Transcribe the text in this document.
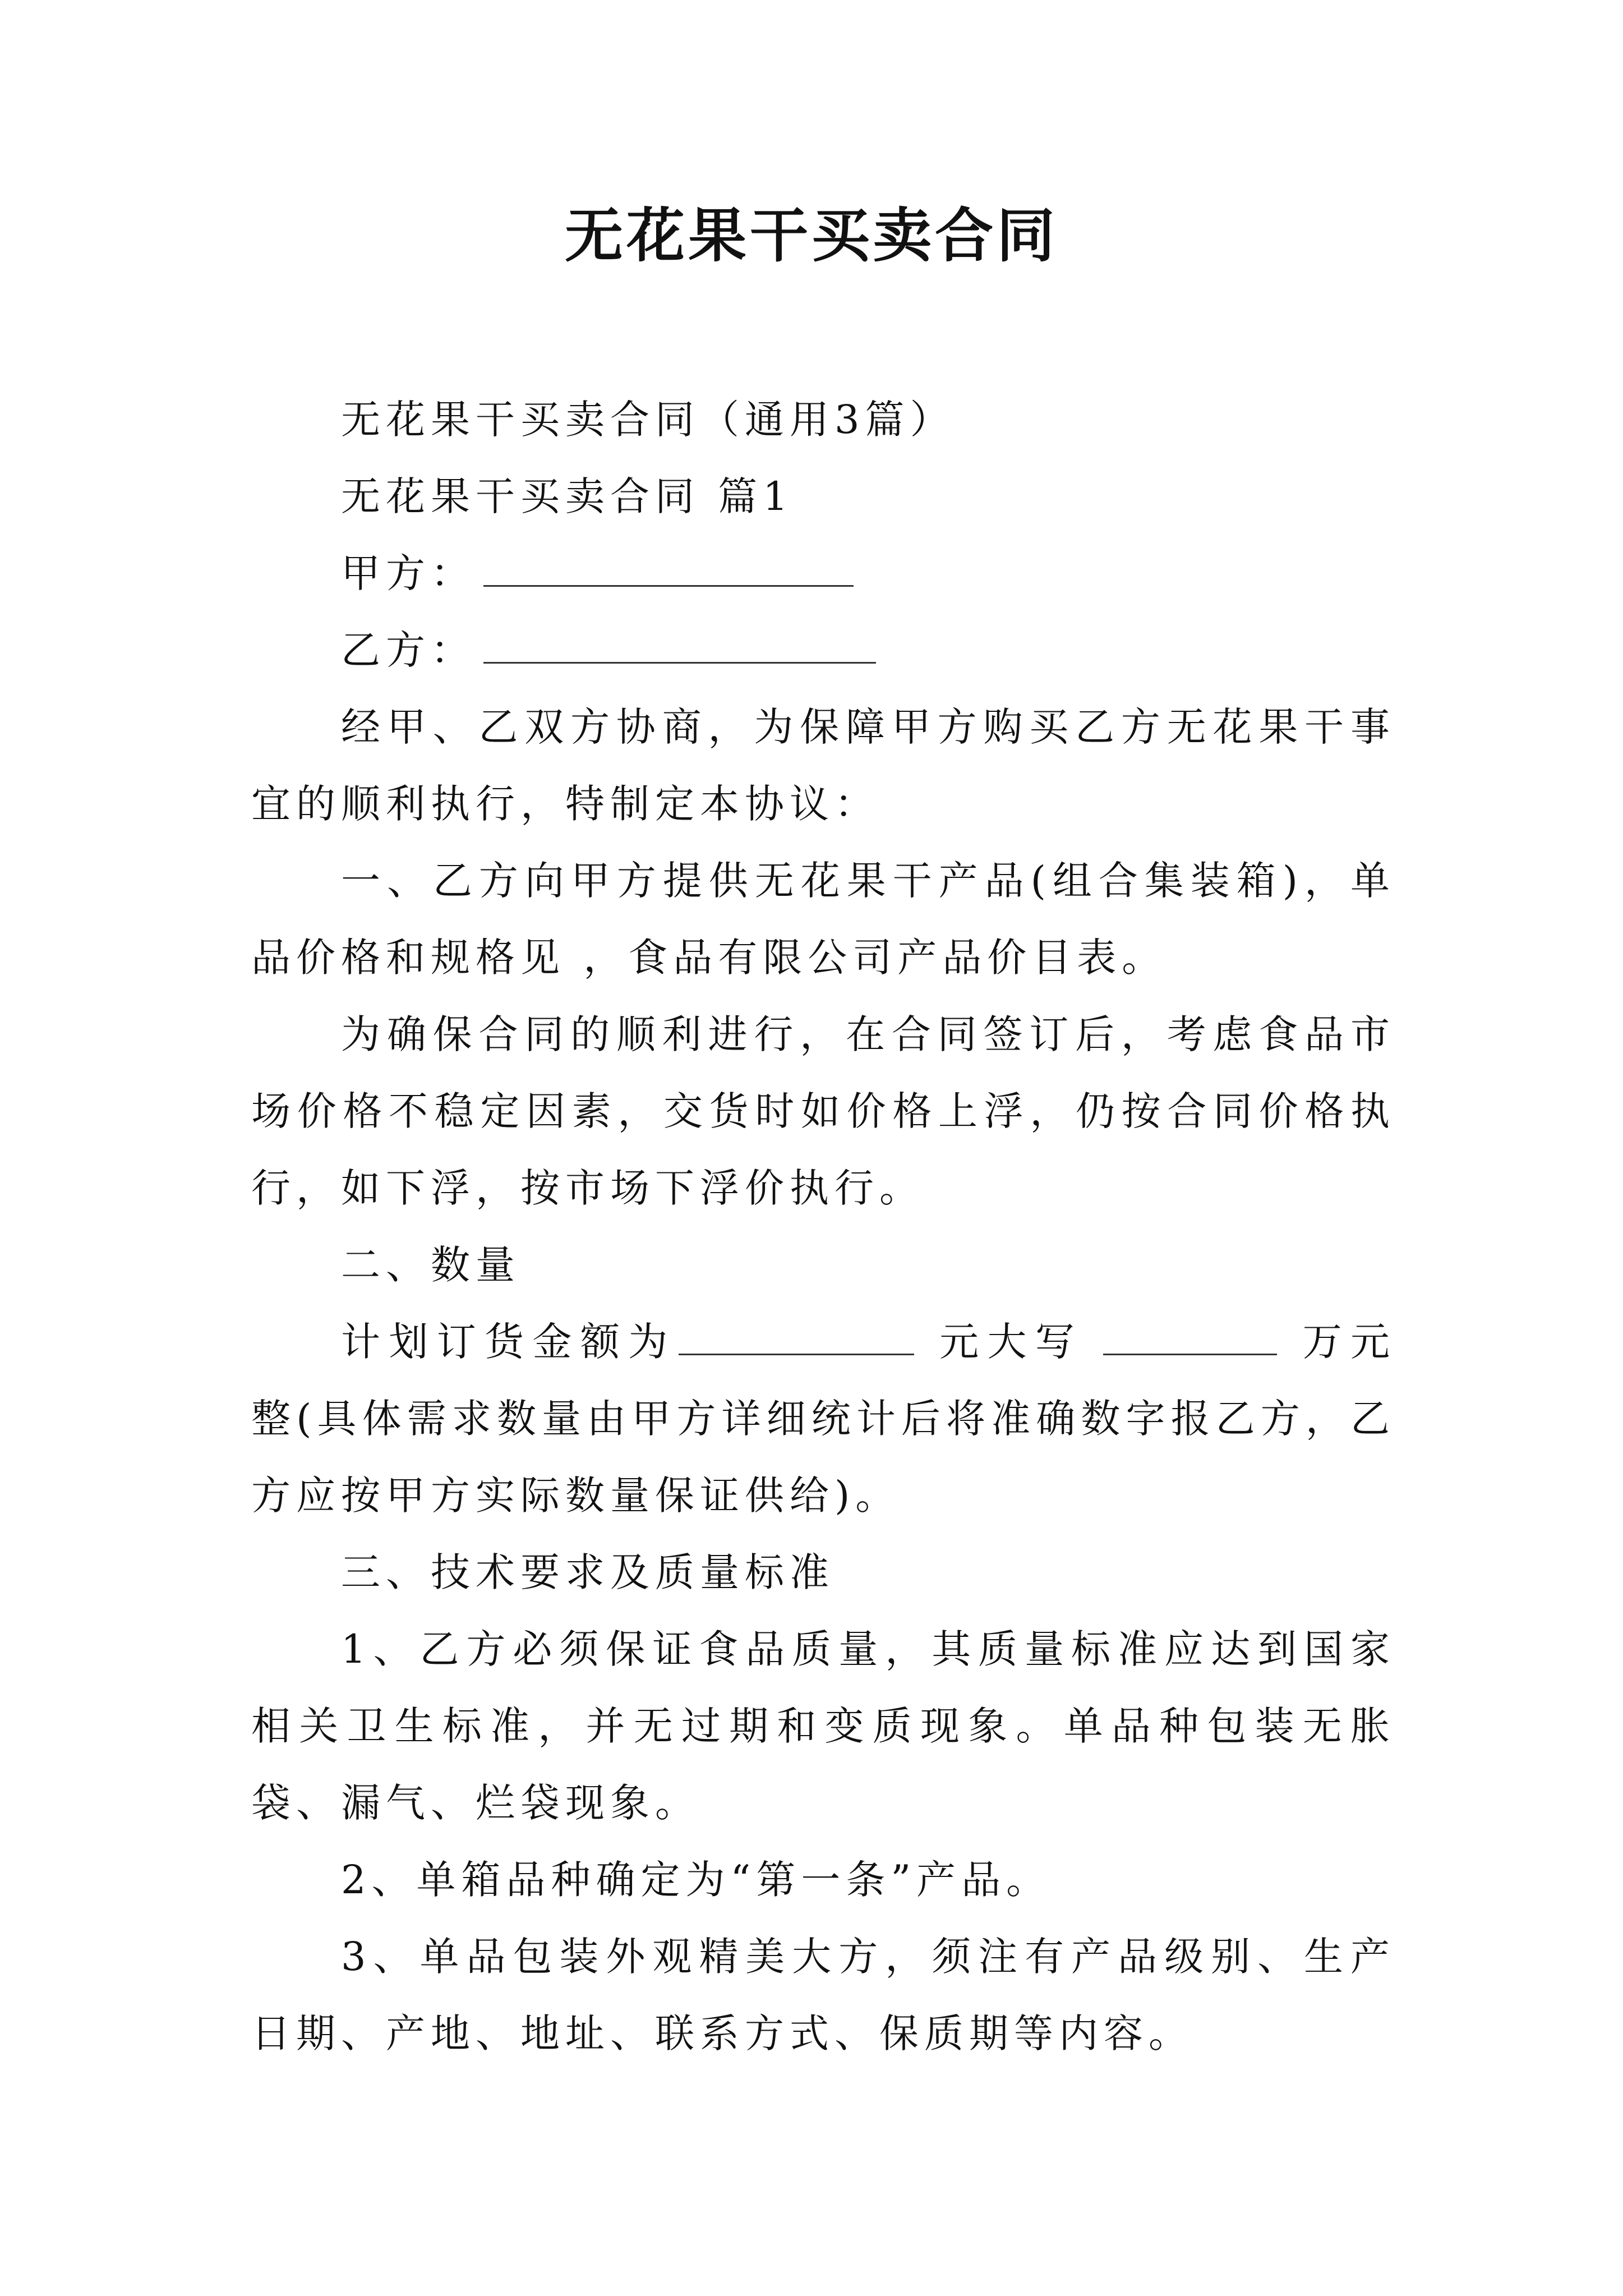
无花果干买卖合同

无花果干买卖合同（通用3篇）

无花果干买卖合同 篇1

甲方：

乙方：

经甲、乙双方协商，为保障甲方购买乙方无花果干事宜的顺利执行，特制定本协议：

一、乙方向甲方提供无花果干产品(组合集装箱)，单品价格和规格见 ，食品有限公司产品价目表。

为确保合同的顺利进行，在合同签订后，考虑食品市场价格不稳定因素，交货时如价格上浮，仍按合同价格执行，如下浮，按市场下浮价执行。

二、数量

计划订货金额为	元大写	万元整(具体需求数量由甲方详细统计后将准确数字报乙方，乙方应按甲方实际数量保证供给)。

三、技术要求及质量标准

1、乙方必须保证食品质量，其质量标准应达到国家相关卫生标准，并无过期和变质现象。单品种包装无胀袋、漏气、烂袋现象。

2、单箱品种确定为“第一条”产品。

3、单品包装外观精美大方，须注有产品级别、生产日期、产地、地址、联系方式、保质期等内容。
